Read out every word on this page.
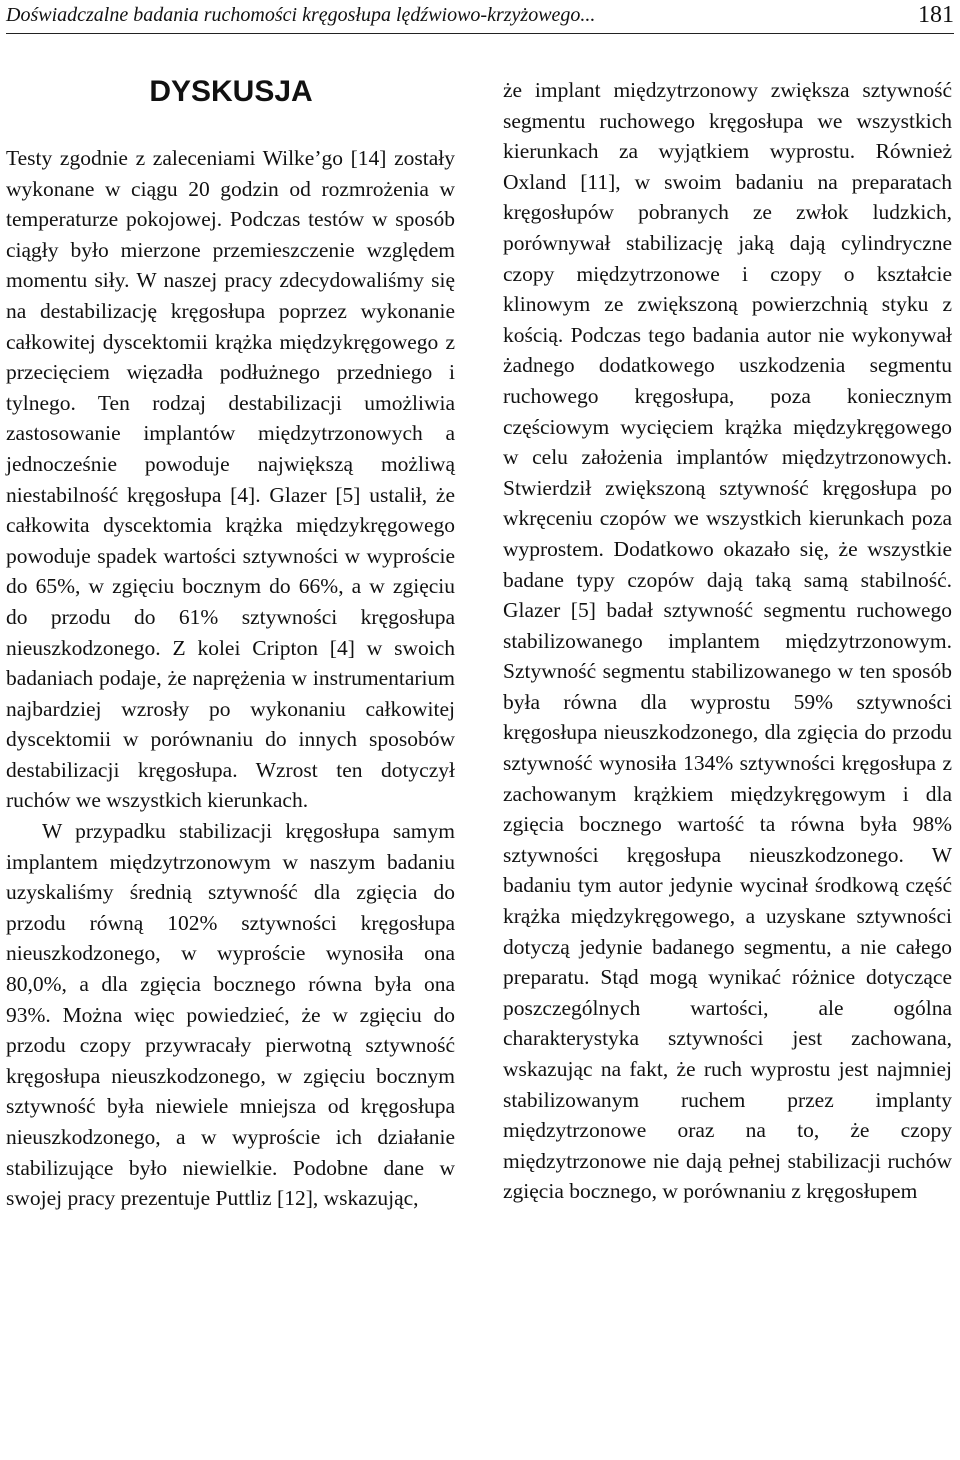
Doświadczalne badania ruchomości kręgosłupa lędźwiowo-krzyżowego...	181
DYSKUSJA

Testy zgodnie z zaleceniami Wilke’go [14] zostały wykonane w ciągu 20 godzin od rozmrożenia w temperaturze pokojowej. Podczas testów w sposób ciągły było mierzone przemieszczenie względem momentu siły. W naszej pracy zdecydowaliśmy się na destabilizację kręgosłupa poprzez wykonanie całkowitej dyscektomii krążka międzykręgowego z przecięciem więzadła podłużnego przedniego i tylnego. Ten rodzaj destabilizacji umożliwia zastosowanie implantów międzytrzonowych a jednocześnie powoduje największą możliwą niestabilność kręgosłupa [4]. Glazer [5] ustalił, że całkowita dyscektomia krążka międzykręgowego powoduje spadek wartości sztywności w wyproście do 65%, w zgięciu bocznym do 66%, a w zgięciu do przodu do 61% sztywności kręgosłupa nieuszkodzonego. Z kolei Cripton [4] w swoich badaniach podaje, że naprężenia w instrumentarium najbardziej wzrosły po wykonaniu całkowitej dyscektomii w porównaniu do innych sposobów destabilizacji kręgosłupa. Wzrost ten dotyczył ruchów we wszystkich kierunkach.

W przypadku stabilizacji kręgosłupa samym implantem międzytrzonowym w naszym badaniu uzyskaliśmy średnią sztywność dla zgięcia do przodu równą 102% sztywności kręgosłupa nieuszkodzonego, w wyproście wynosiła ona 80,0%, a dla zgięcia bocznego równa była ona 93%. Można więc powiedzieć, że w zgięciu do przodu czopy przywracały pierwotną sztywność kręgosłupa nieuszkodzonego, w zgięciu bocznym sztywność była niewiele mniejsza od kręgosłupa nieuszkodzonego, a w wyproście ich działanie stabilizujące było niewielkie. Podobne dane w swojej pracy prezentuje Puttliz [12], wskazując,

że implant międzytrzonowy zwiększa sztywność segmentu ruchowego kręgosłupa we wszystkich kierunkach za wyjątkiem wyprostu. Również Oxland [11], w swoim badaniu na preparatach kręgosłupów pobranych ze zwłok ludzkich, porównywał stabilizację jaką dają cylindryczne czopy międzytrzonowe i czopy o kształcie klinowym ze zwiększoną powierzchnią styku z kością. Podczas tego badania autor nie wykonywał żadnego dodatkowego uszkodzenia segmentu ruchowego kręgosłupa, poza koniecznym częściowym wycięciem krążka międzykręgowego w celu założenia implantów międzytrzonowych. Stwierdził zwiększoną sztywność kręgosłupa po wkręceniu czopów we wszystkich kierunkach poza wyprostem. Dodatkowo okazało się, że wszystkie badane typy czopów dają taką samą stabilność. Glazer [5] badał sztywność segmentu ruchowego stabilizowanego implantem międzytrzonowym. Sztywność segmentu stabilizowanego w ten sposób była równa dla wyprostu 59% sztywności kręgosłupa nieuszkodzonego, dla zgięcia do przodu sztywność wynosiła 134% sztywności kręgosłupa z zachowanym krążkiem międzykręgowym i dla zgięcia bocznego wartość ta równa była 98% sztywności kręgosłupa nieuszkodzonego. W badaniu tym autor jedynie wycinał środkową część krążka międzykręgowego, a uzyskane sztywności dotyczą jedynie badanego segmentu, a nie całego preparatu. Stąd mogą wynikać różnice dotyczące poszczególnych wartości, ale ogólna charakterystyka sztywności jest zachowana, wskazując na fakt, że ruch wyprostu jest najmniej stabilizowanym ruchem przez implanty międzytrzonowe oraz na to, że czopy międzytrzonowe nie dają pełnej stabilizacji ruchów zgięcia bocznego, w porównaniu z kręgosłupem
